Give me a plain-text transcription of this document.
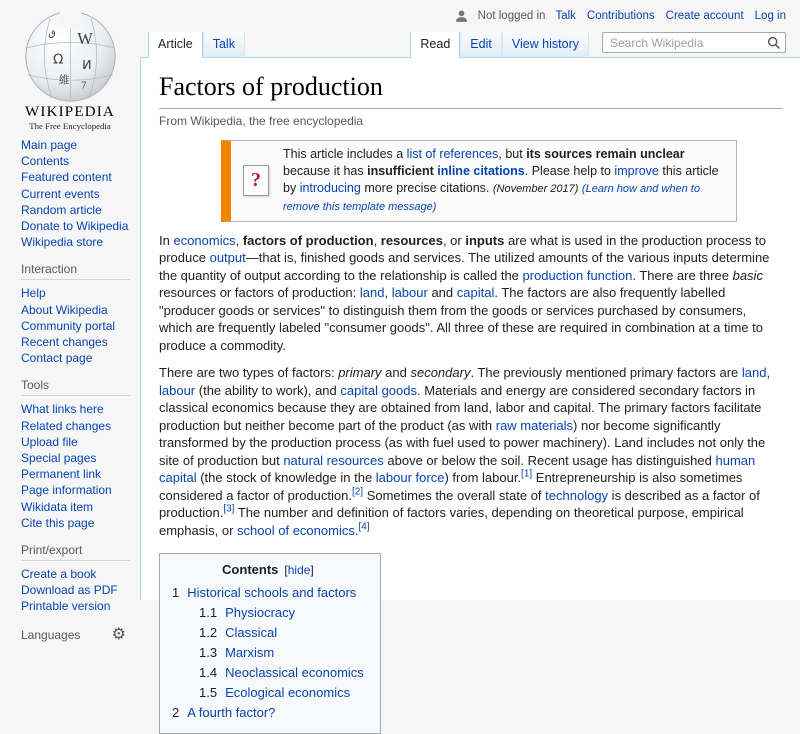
W
Ω И
維 7
ق
WIKIPEDIA
The Free Encyclopedia
Main page
Contents
Featured content
Current events
Random article
Donate to Wikipedia
Wikipedia store
Interaction
Help
About Wikipedia
Community portal
Recent changes
Contact page
Tools
What links here
Related changes
Upload file
Special pages
Permanent link
Page information
Wikidata item
Cite this page
Print/export
Create a book
Download as PDF
Printable version
Languages ⚙
Not logged in Talk Contributions Create account Log in
Article	Talk	Read	Edit	View history
Search Wikipedia
Factors of production
From Wikipedia, the free encyclopedia
?
This article includes a list of references, but its sources remain unclear because it has insufficient inline citations. Please help to improve this article by introducing more precise citations. (November 2017) (Learn how and when to remove this template message)

In economics, factors of production, resources, or inputs are what is used in the production process to produce output—that is, finished goods and services. The utilized amounts of the various inputs determine the quantity of output according to the relationship is called the production function. There are three basic resources or factors of production: land, labour and capital. The factors are also frequently labelled "producer goods or services" to distinguish them from the goods or services purchased by consumers, which are frequently labeled "consumer goods". All three of these are required in combination at a time to produce a commodity.

There are two types of factors: primary and secondary. The previously mentioned primary factors are land, labour (the ability to work), and capital goods. Materials and energy are considered secondary factors in classical economics because they are obtained from land, labor and capital. The primary factors facilitate production but neither become part of the product (as with raw materials) nor become significantly transformed by the production process (as with fuel used to power machinery). Land includes not only the site of production but natural resources above or below the soil. Recent usage has distinguished human capital (the stock of knowledge in the labour force) from labour.[1] Entrepreneurship is also sometimes considered a factor of production.[2] Sometimes the overall state of technology is described as a factor of production.[3] The number and definition of factors varies, depending on theoretical purpose, empirical emphasis, or school of economics.[4]

Contents [hide]
1 Historical schools and factors
1.1 Physiocracy
1.2 Classical
1.3 Marxism
1.4 Neoclassical economics
1.5 Ecological economics
2 A fourth factor?
